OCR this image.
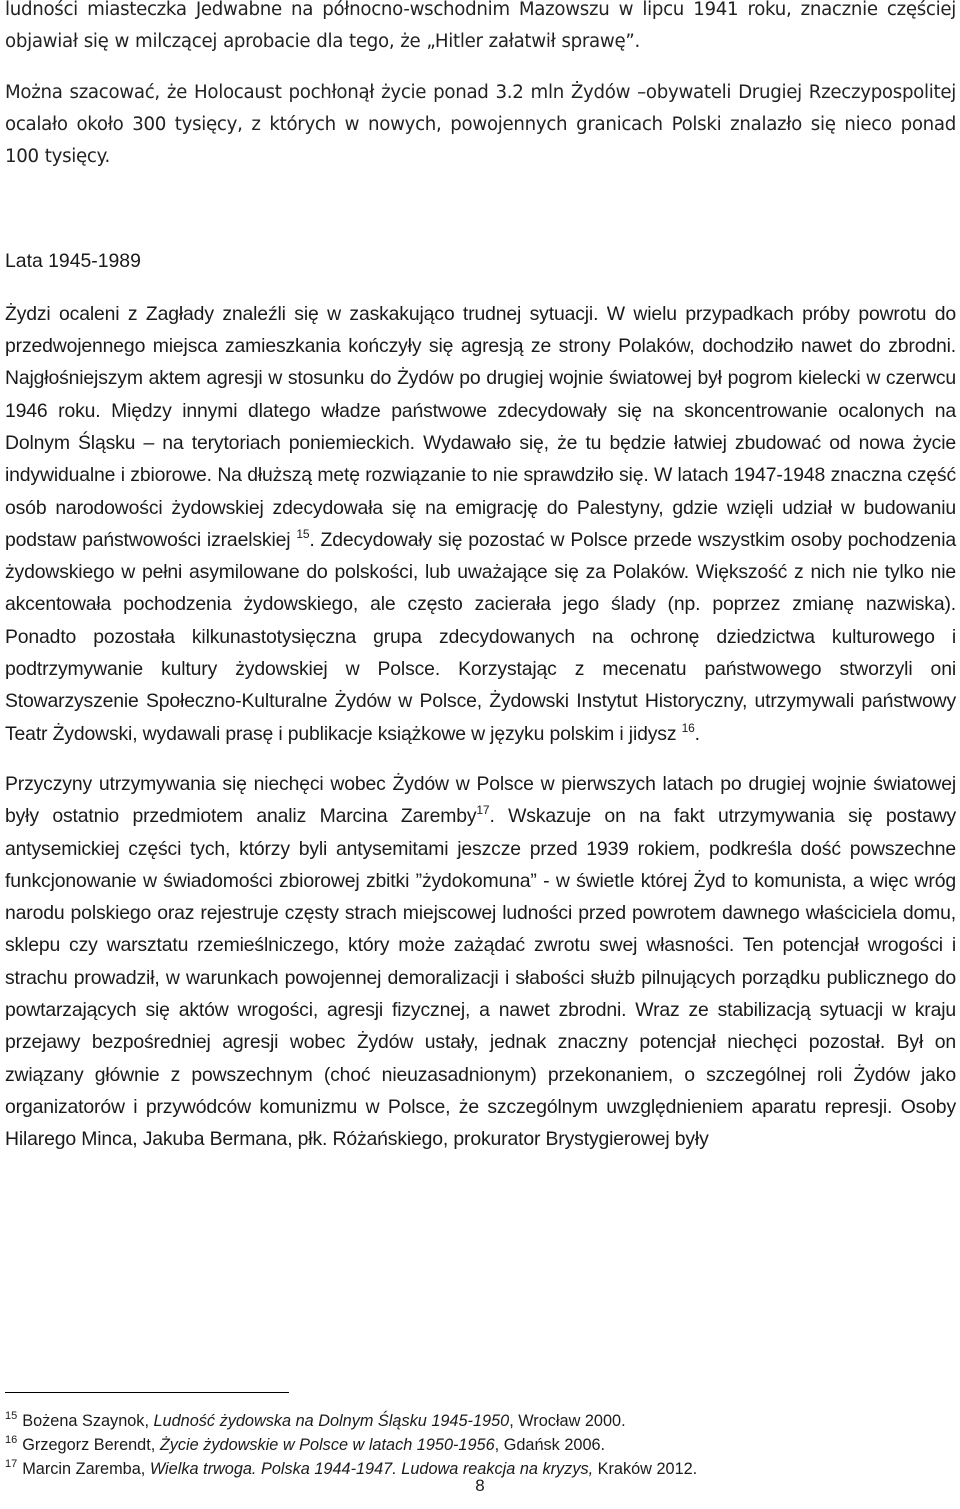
ludności miasteczka Jedwabne na północno-wschodnim Mazowszu w lipcu 1941 roku, znacznie częściej objawiał się w milczącej aprobacie dla tego, że „Hitler załatwił sprawę”.

Można szacować, że Holocaust pochłonął życie ponad 3.2 mln Żydów –obywateli Drugiej Rzeczypospolitej ocalało około 300 tysięcy, z których w nowych, powojennych granicach Polski znalazło się nieco ponad 100 tysięcy.

Lata 1945-1989

Żydzi ocaleni z Zagłady znaleźli się w zaskakująco trudnej sytuacji. W wielu przypadkach próby powrotu do przedwojennego miejsca zamieszkania kończyły się agresją ze strony Polaków, dochodziło nawet do zbrodni. Najgłośniejszym aktem agresji w stosunku do Żydów po drugiej wojnie światowej był pogrom kielecki w czerwcu 1946 roku. Między innymi dlatego władze państwowe zdecydowały się na skoncentrowanie ocalonych na Dolnym Śląsku – na terytoriach poniemieckich. Wydawało się, że tu będzie łatwiej zbudować od nowa życie indywidualne i zbiorowe. Na dłuższą metę rozwiązanie to nie sprawdziło się. W latach 1947-1948 znaczna część osób narodowości żydowskiej zdecydowała się na emigrację do Palestyny, gdzie wzięli udział w budowaniu podstaw państwowości izraelskiej $^{15}$. Zdecydowały się pozostać w Polsce przede wszystkim osoby pochodzenia żydowskiego w pełni asymilowane do polskości, lub uważające się za Polaków. Większość z nich nie tylko nie akcentowała pochodzenia żydowskiego, ale często zacierała jego ślady (np. poprzez zmianę nazwiska). Ponadto pozostała kilkunastotysięczna grupa zdecydowanych na ochronę dziedzictwa kulturowego i podtrzymywanie kultury żydowskiej w Polsce. Korzystając z mecenatu państwowego stworzyli oni Stowarzyszenie Społeczno-Kulturalne Żydów w Polsce, Żydowski Instytut Historyczny, utrzymywali państwowy Teatr Żydowski, wydawali prasę i publikacje książkowe w języku polskim i jidysz $^{16}$.

Przyczyny utrzymywania się niechęci wobec Żydów w Polsce w pierwszych latach po drugiej wojnie światowej były ostatnio przedmiotem analiz Marcina Zaremby$^{17}$. Wskazuje on na fakt utrzymywania się postawy antysemickiej części tych, którzy byli antysemitami jeszcze przed 1939 rokiem, podkreśla dość powszechne funkcjonowanie w świadomości zbiorowej zbitki ”żydokomuna” - w świetle której Żyd to komunista, a więc wróg narodu polskiego oraz rejestruje częsty strach miejscowej ludności przed powrotem dawnego właściciela domu, sklepu czy warsztatu rzemieślniczego, który może zażądać zwrotu swej własności. Ten potencjał wrogości i strachu prowadził, w warunkach powojennej demoralizacji i słabości służb pilnujących porządku publicznego do powtarzających się aktów wrogości, agresji fizycznej, a nawet zbrodni. Wraz ze stabilizacją sytuacji w kraju przejawy bezpośredniej agresji wobec Żydów ustały, jednak znaczny potencjał niechęci pozostał. Był on związany głównie z powszechnym (choć nieuzasadnionym) przekonaniem, o szczególnej roli Żydów jako organizatorów i przywódców komunizmu w Polsce, że szczególnym uwzględnieniem aparatu represji. Osoby Hilarego Minca, Jakuba Bermana, płk. Różańskiego, prokurator Brystygierowej były

$^{15}$ Bożena Szaynok, Ludność żydowska na Dolnym Śląsku 1945-1950, Wrocław 2000.

$^{16}$ Grzegorz Berendt, Życie żydowskie w Polsce w latach 1950-1956, Gdańsk 2006.

$^{17}$ Marcin Zaremba, Wielka trwoga. Polska 1944-1947. Ludowa reakcja na kryzys, Kraków 2012.

8
